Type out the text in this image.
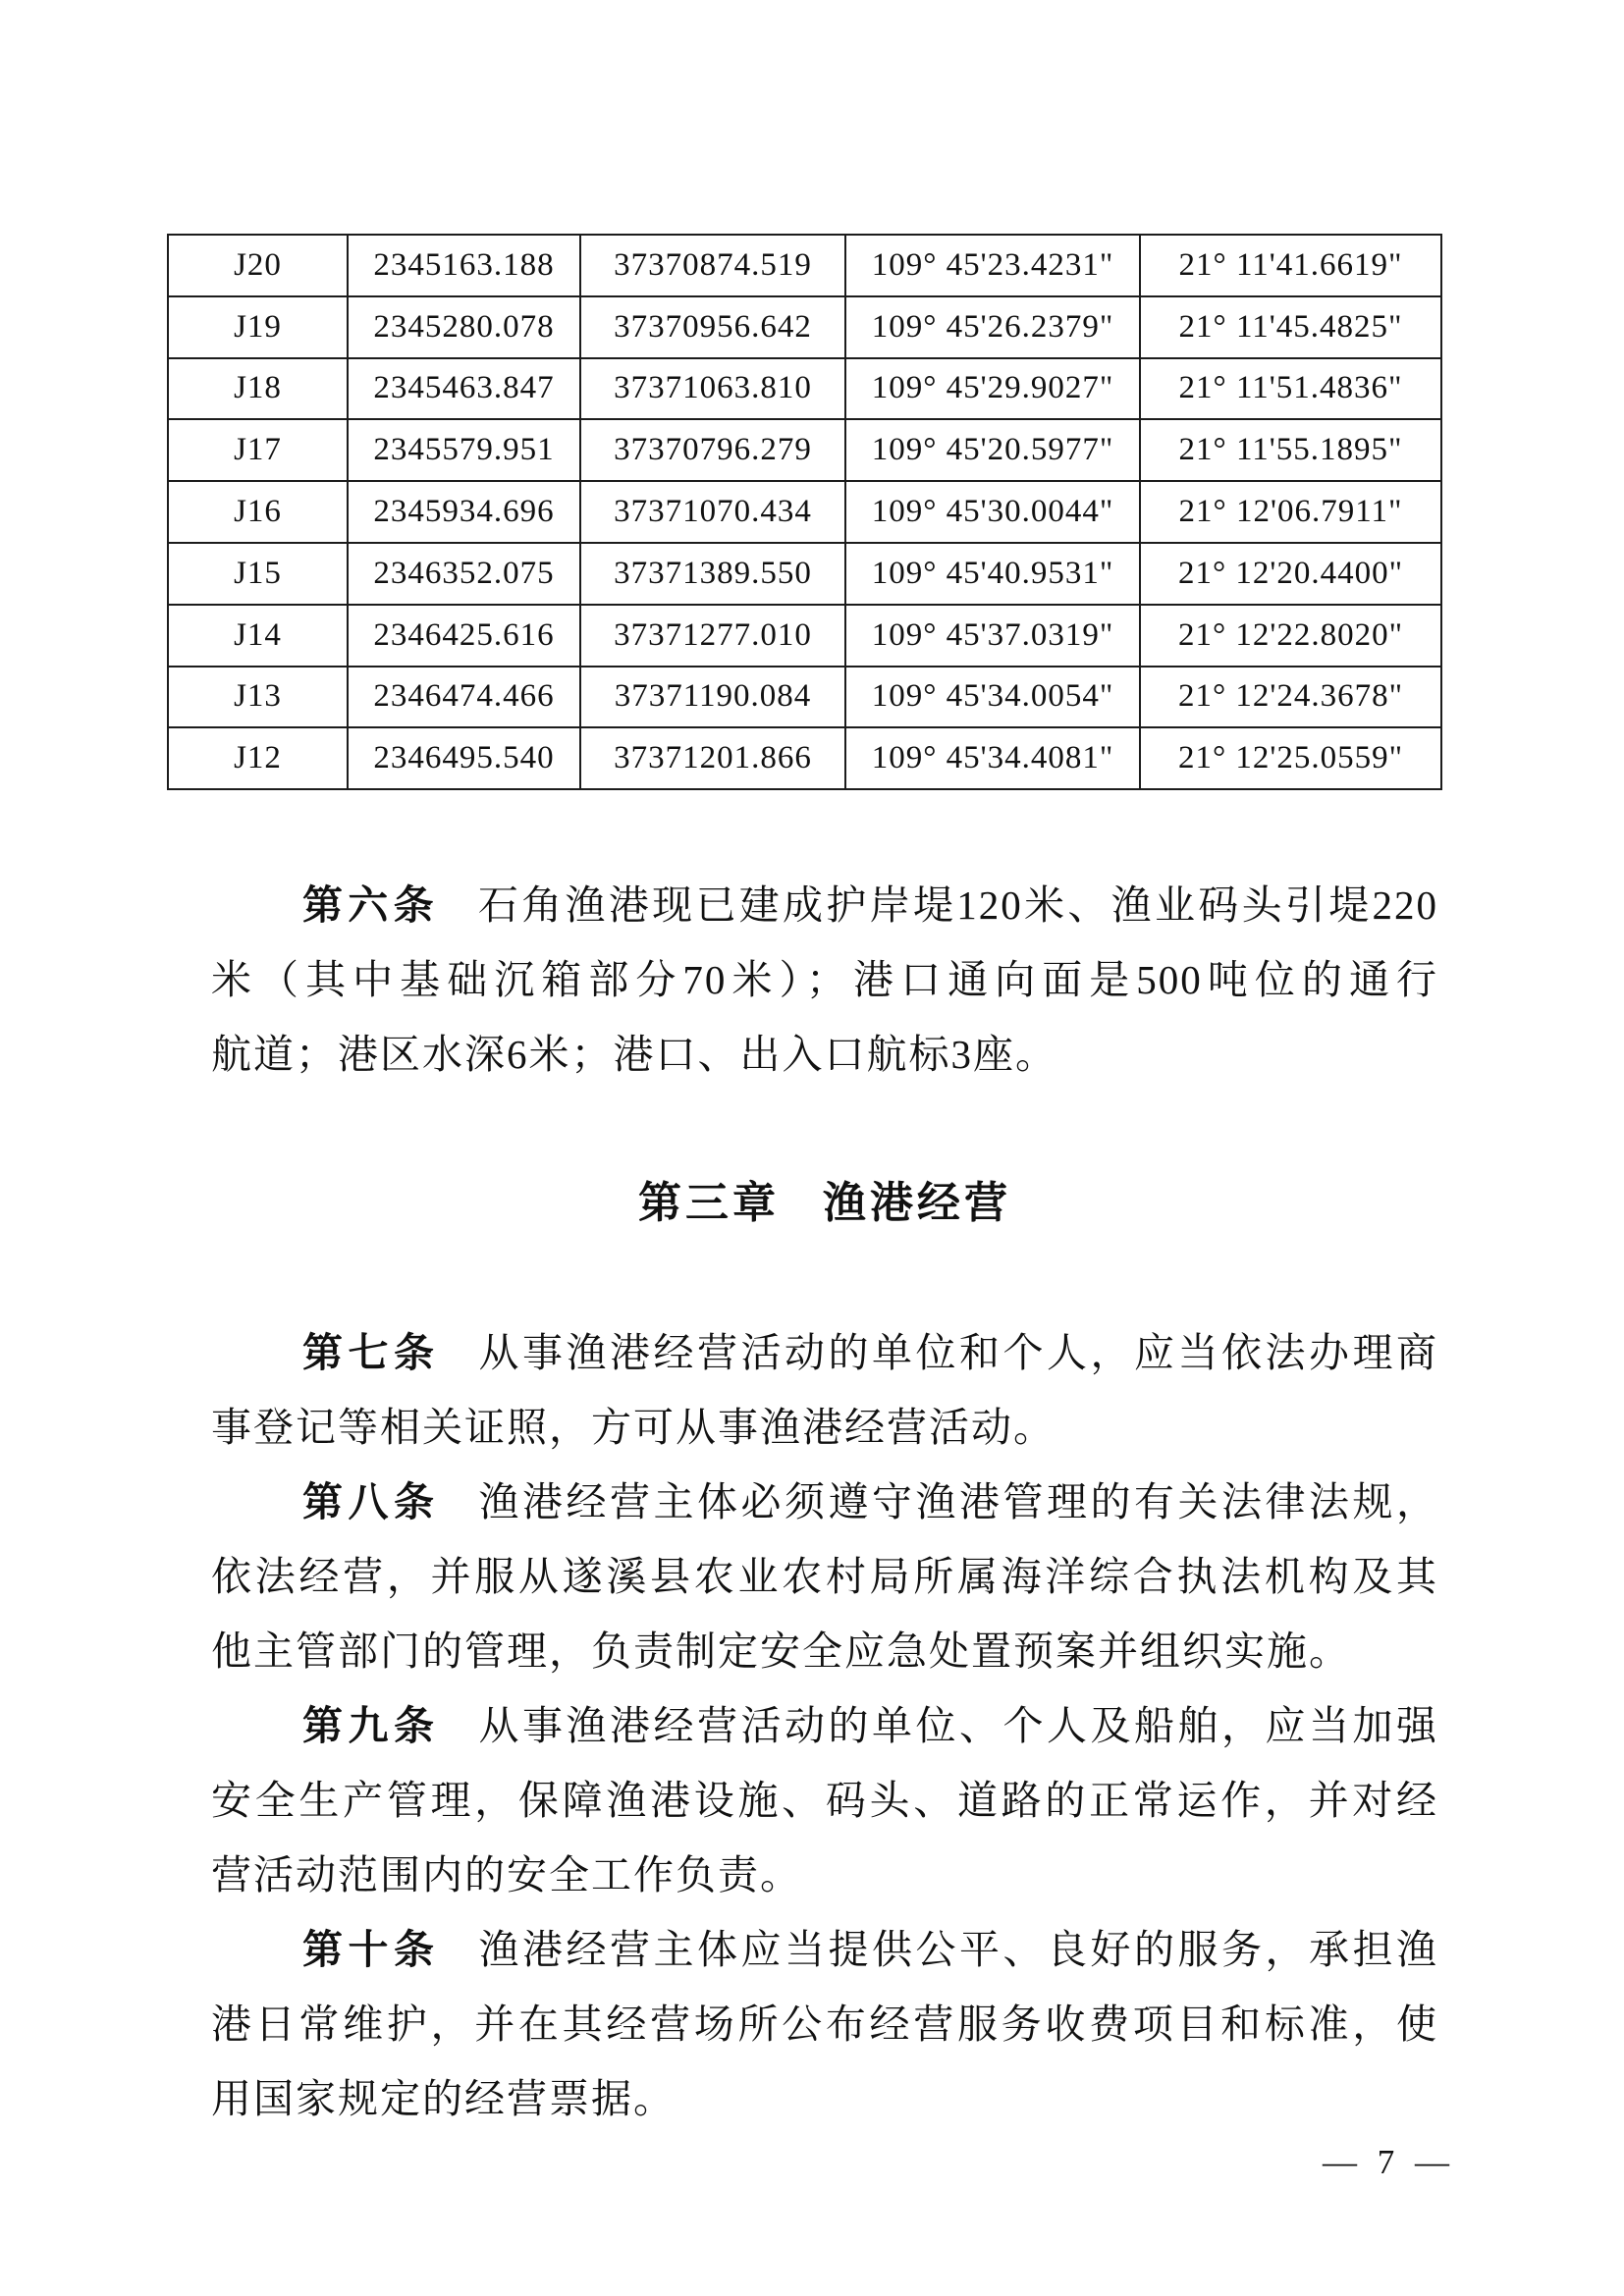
J20	2345163.188	37370874.519	109° 45'23.4231"	21° 11'41.6619"
J19	2345280.078	37370956.642	109° 45'26.2379"	21° 11'45.4825"
J18	2345463.847	37371063.810	109° 45'29.9027"	21° 11'51.4836"
J17	2345579.951	37370796.279	109° 45'20.5977"	21° 11'55.1895"
J16	2345934.696	37371070.434	109° 45'30.0044"	21° 12'06.7911"
J15	2346352.075	37371389.550	109° 45'40.9531"	21° 12'20.4400"
J14	2346425.616	37371277.010	109° 45'37.0319"	21° 12'22.8020"
J13	2346474.466	37371190.084	109° 45'34.0054"	21° 12'24.3678"
J12	2346495.540	37371201.866	109° 45'34.4081"	21° 12'25.0559"
第六条 石角渔港现已建成护岸堤120米、渔业码头引堤220
米（其中基础沉箱部分70米）；港口通向面是500吨位的通行
航道；港区水深6米；港口、出入口航标3座。
第三章 渔港经营
第七条 从事渔港经营活动的单位和个人，应当依法办理商
事登记等相关证照，方可从事渔港经营活动。
第八条 渔港经营主体必须遵守渔港管理的有关法律法规，
依法经营，并服从遂溪县农业农村局所属海洋综合执法机构及其
他主管部门的管理，负责制定安全应急处置预案并组织实施。
第九条 从事渔港经营活动的单位、个人及船舶，应当加强
安全生产管理，保障渔港设施、码头、道路的正常运作，并对经
营活动范围内的安全工作负责。
第十条 渔港经营主体应当提供公平、良好的服务，承担渔
港日常维护，并在其经营场所公布经营服务收费项目和标准，使
用国家规定的经营票据。
— 7 —
